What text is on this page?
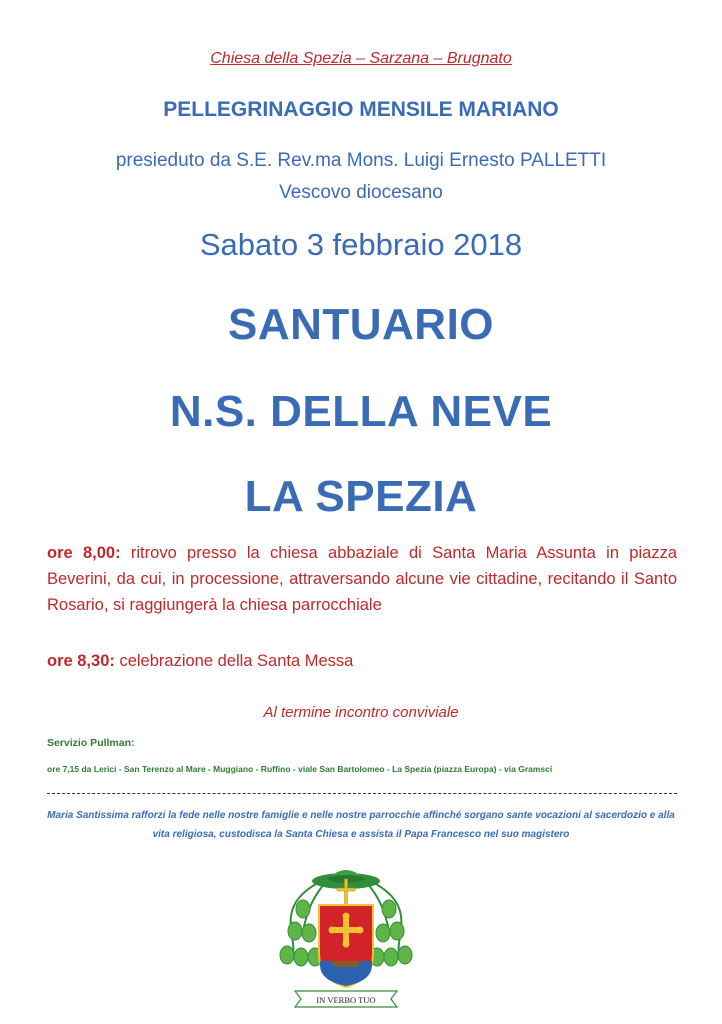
Chiesa della Spezia – Sarzana – Brugnato
PELLEGRINAGGIO MENSILE MARIANO
presieduto da S.E. Rev.ma Mons. Luigi Ernesto PALLETTI
Vescovo diocesano
Sabato 3 febbraio 2018
SANTUARIO
N.S. DELLA NEVE
LA SPEZIA
ore 8,00: ritrovo presso la chiesa abbaziale di Santa Maria Assunta in piazza Beverini, da cui, in processione, attraversando alcune vie cittadine, recitando il Santo Rosario, si raggiungerà la chiesa parrocchiale
ore 8,30: celebrazione della Santa Messa
Al termine incontro conviviale
Servizio Pullman:
ore 7,15 da Lerici - San Terenzo al Mare - Muggiano - Ruffino - viale San Bartolomeo - La Spezia (piazza Europa) - via Gramsci
Maria Santissima rafforzi la fede nelle nostre famiglie e nelle nostre parrocchie affinché sorgano sante vocazioni al sacerdozio e alla vita religiosa, custodisca la Santa Chiesa e assista il Papa Francesco nel suo magistero
IN VERBO TUO
